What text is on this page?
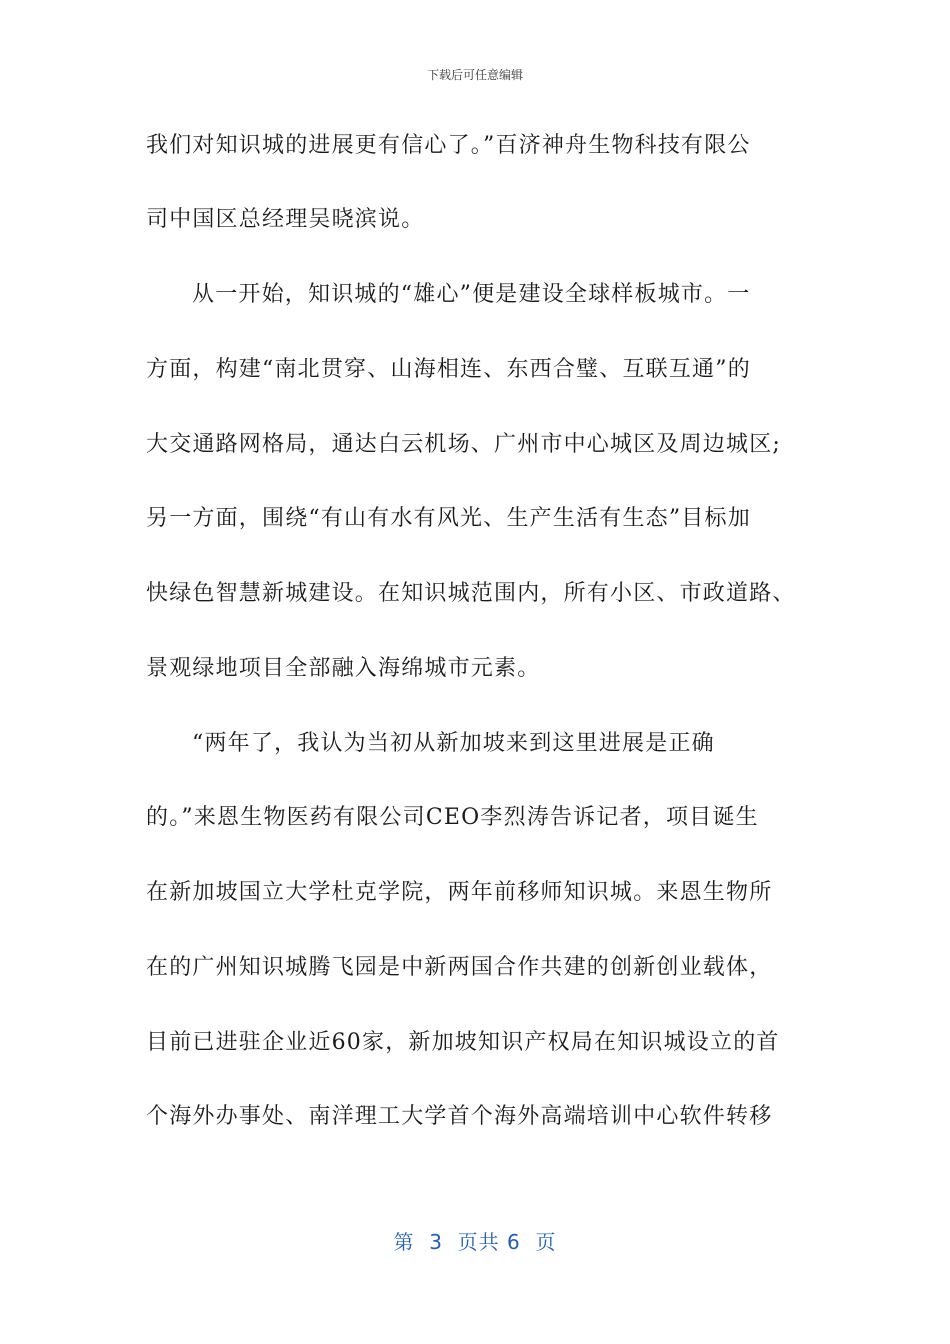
下载后可任意编辑
我们对知识城的进展更有信心了。”百济神舟生物科技有限公
司中国区总经理吴晓滨说。
从一开始，知识城的“雄心”便是建设全球样板城市。一
方面，构建“南北贯穿、山海相连、东西合璧、互联互通”的
大交通路网格局，通达白云机场、广州市中心城区及周边城区;
另一方面，围绕“有山有水有风光、生产生活有生态”目标加
快绿色智慧新城建设。在知识城范围内，所有小区、市政道路、
景观绿地项目全部融入海绵城市元素。
“两年了，我认为当初从新加坡来到这里进展是正确
的。”来恩生物医药有限公司CEO李烈涛告诉记者，项目诞生
在新加坡国立大学杜克学院，两年前移师知识城。来恩生物所
在的广州知识城腾飞园是中新两国合作共建的创新创业载体，
目前已进驻企业近60家，新加坡知识产权局在知识城设立的首
个海外办事处、南洋理工大学首个海外高端培训中心软件转移
第  3  页共 6  页
